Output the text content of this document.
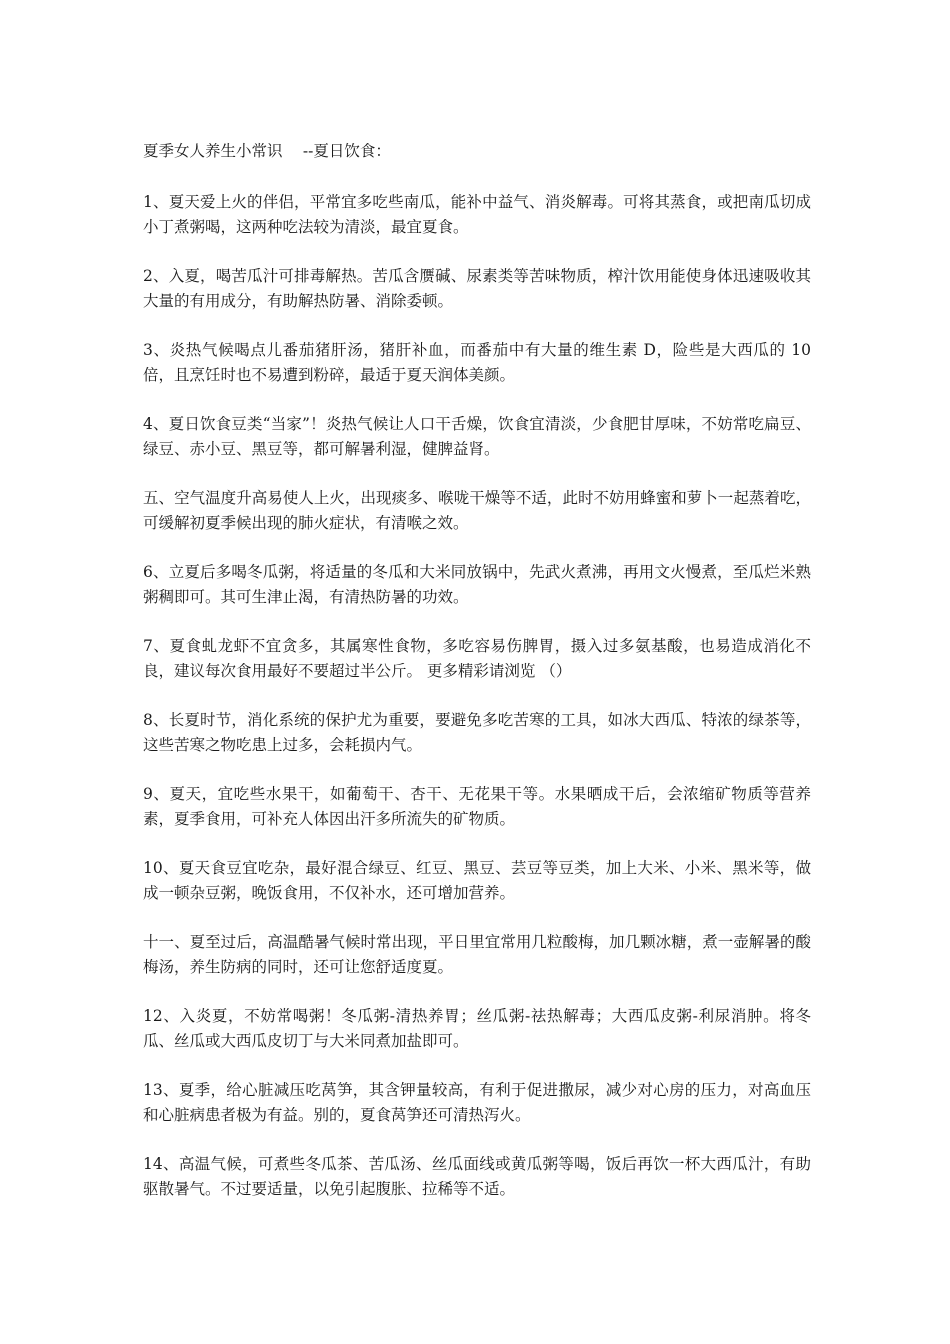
夏季女人养生小常识　 --夏日饮食：

1、夏天爱上火的伴侣，平常宜多吃些南瓜，能补中益气、消炎解毒。可将其蒸食，或把南瓜切成小丁煮粥喝，这两种吃法较为清淡，最宜夏食。

2、入夏，喝苦瓜汁可排毒解热。苦瓜含赝碱、尿素类等苦味物质，榨汁饮用能使身体迅速吸收其大量的有用成分，有助解热防暑、消除委顿。

3、炎热气候喝点儿番茄猪肝汤，猪肝补血，而番茄中有大量的维生素 D，险些是大西瓜的 10 倍，且烹饪时也不易遭到粉碎，最适于夏天润体美颜。

4、夏日饮食豆类“当家”！炎热气候让人口干舌燥，饮食宜清淡，少食肥甘厚味，不妨常吃扁豆、绿豆、赤小豆、黑豆等，都可解暑利湿，健脾益肾。

五、空气温度升高易使人上火，出现痰多、喉咙干燥等不适，此时不妨用蜂蜜和萝卜一起蒸着吃，可缓解初夏季候出现的肺火症状，有清喉之效。

6、立夏后多喝冬瓜粥，将适量的冬瓜和大米同放锅中，先武火煮沸，再用文火慢煮，至瓜烂米熟粥稠即可。其可生津止渴，有清热防暑的功效。

7、夏食虬龙虾不宜贪多，其属寒性食物，多吃容易伤脾胃，摄入过多氨基酸，也易造成消化不良，建议每次食用最好不要超过半公斤。 更多精彩请浏览 （）

8、长夏时节，消化系统的保护尤为重要，要避免多吃苦寒的工具，如冰大西瓜、特浓的绿茶等，这些苦寒之物吃患上过多，会耗损内气。

9、夏天，宜吃些水果干，如葡萄干、杏干、无花果干等。水果晒成干后，会浓缩矿物质等营养素，夏季食用，可补充人体因出汗多所流失的矿物质。

10、夏天食豆宜吃杂，最好混合绿豆、红豆、黑豆、芸豆等豆类，加上大米、小米、黑米等，做成一顿杂豆粥，晚饭食用，不仅补水，还可增加营养。

十一、夏至过后，高温酷暑气候时常出现，平日里宜常用几粒酸梅，加几颗冰糖，煮一壶解暑的酸梅汤，养生防病的同时，还可让您舒适度夏。

12、入炎夏，不妨常喝粥！冬瓜粥-清热养胃；丝瓜粥-祛热解毒；大西瓜皮粥-利尿消肿。将冬瓜、丝瓜或大西瓜皮切丁与大米同煮加盐即可。

13、夏季，给心脏减压吃莴笋，其含钾量较高，有利于促进撒尿，减少对心房的压力，对高血压和心脏病患者极为有益。别的，夏食莴笋还可清热泻火。

14、高温气候，可煮些冬瓜茶、苦瓜汤、丝瓜面线或黄瓜粥等喝，饭后再饮一杯大西瓜汁，有助驱散暑气。不过要适量，以免引起腹胀、拉稀等不适。
